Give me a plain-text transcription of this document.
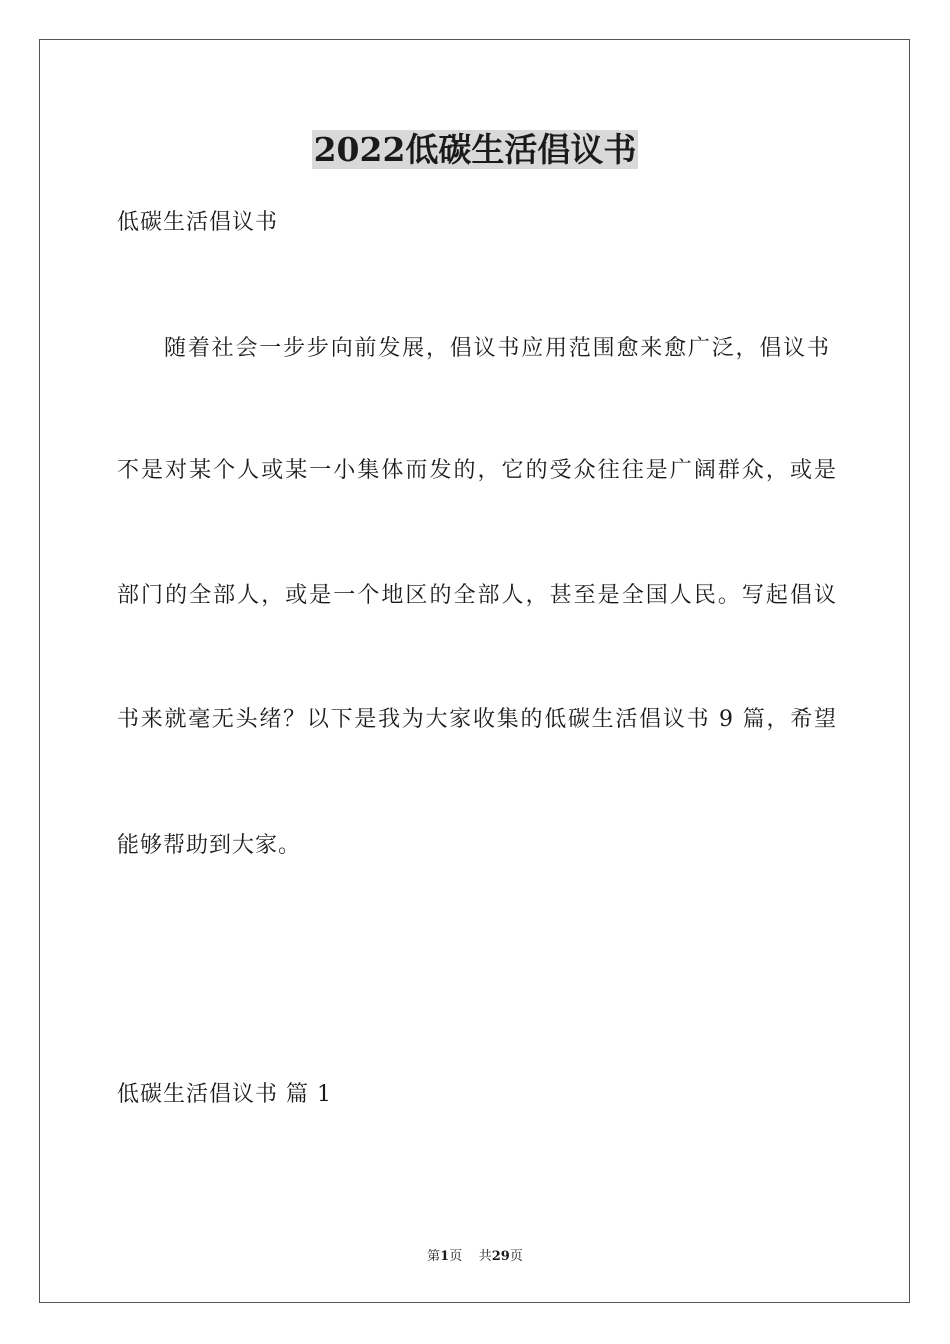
2022低碳生活倡议书
低碳生活倡议书
随着社会一步步向前发展，倡议书应用范围愈来愈广泛，倡议书
不是对某个人或某一小集体而发的，它的受众往往是广阔群众，或是
部门的全部人，或是一个地区的全部人，甚至是全国人民。写起倡议
书来就毫无头绪？以下是我为大家收集的低碳生活倡议书 9 篇，希望
能够帮助到大家。
低碳生活倡议书 篇 1
第1页 共29页
